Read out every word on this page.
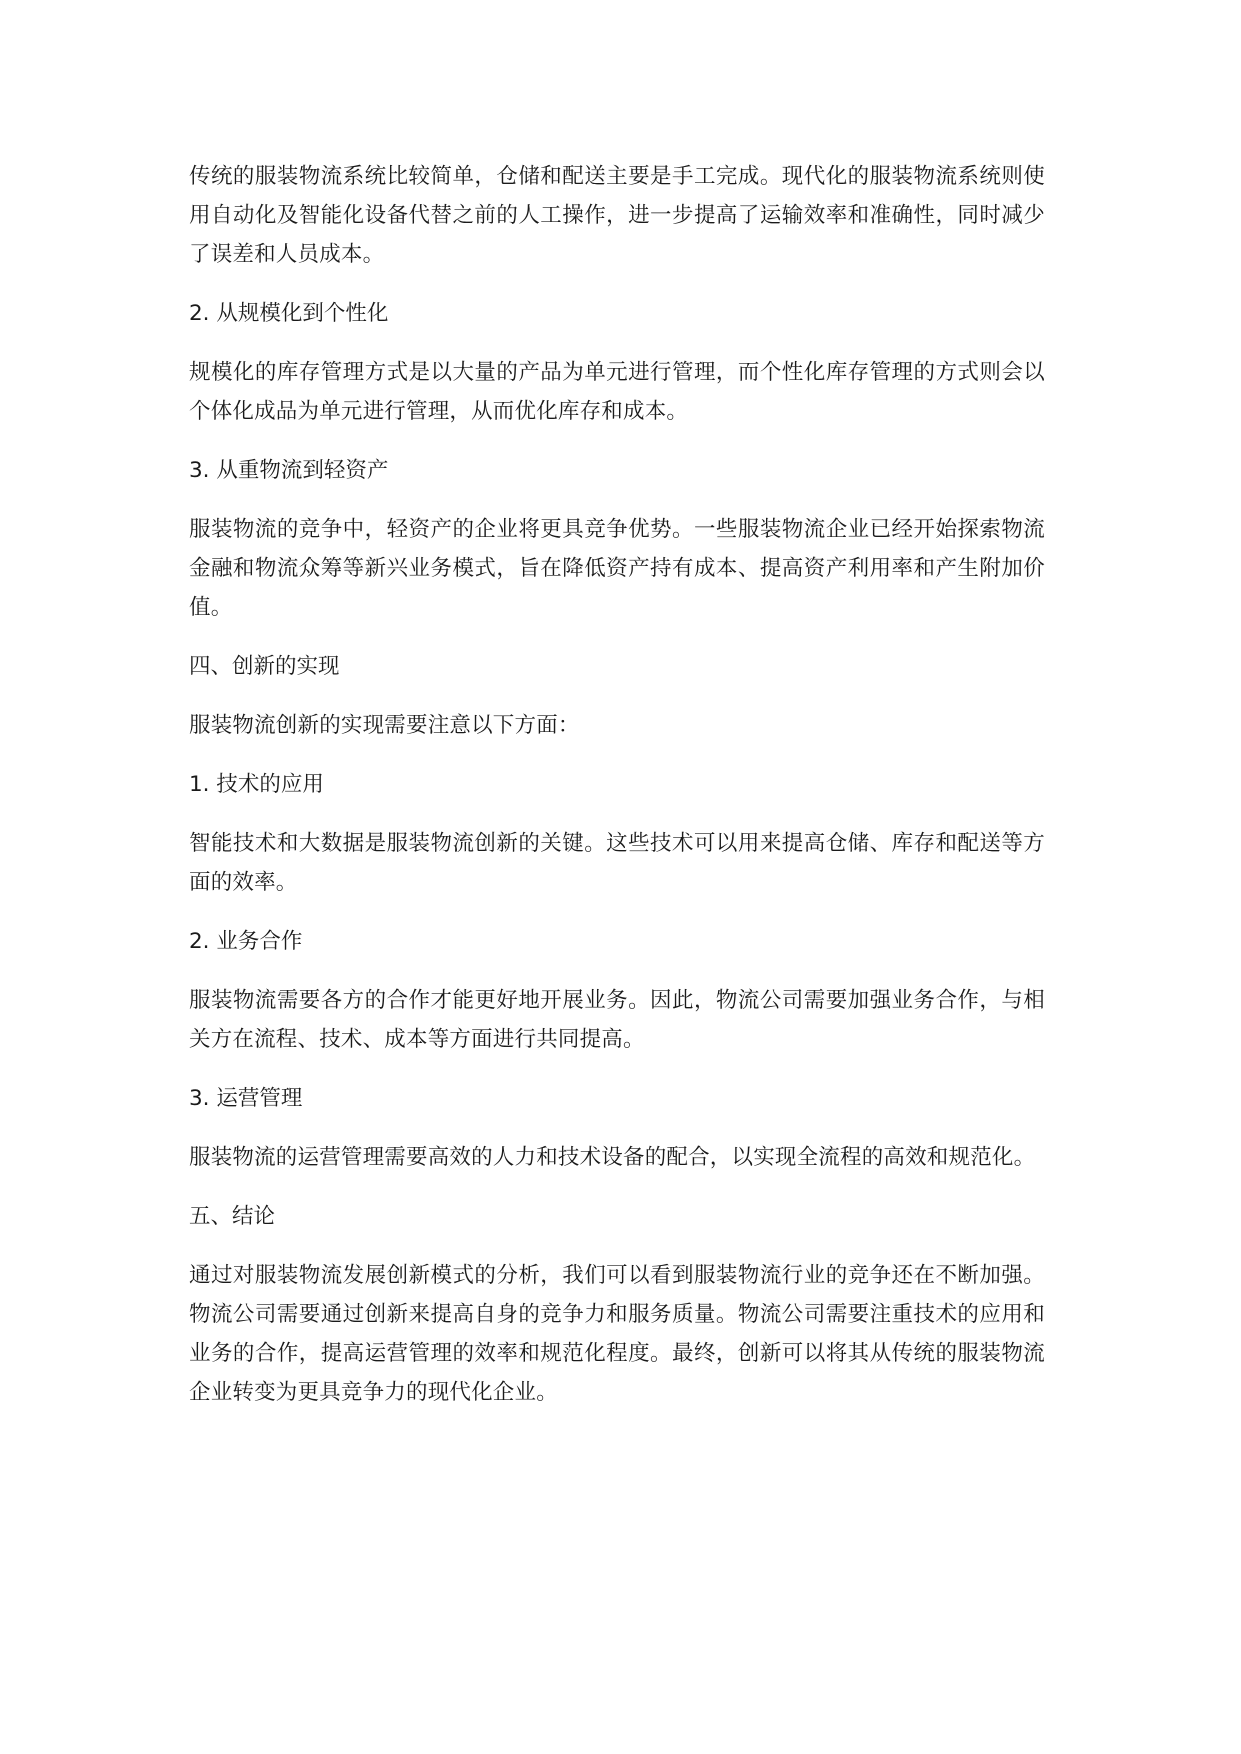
传统的服装物流系统比较简单，仓储和配送主要是手工完成。现代化的服装物流系统则使用自动化及智能化设备代替之前的人工操作，进一步提高了运输效率和准确性，同时减少了误差和人员成本。

2. 从规模化到个性化

规模化的库存管理方式是以大量的产品为单元进行管理，而个性化库存管理的方式则会以个体化成品为单元进行管理，从而优化库存和成本。

3. 从重物流到轻资产

服装物流的竞争中，轻资产的企业将更具竞争优势。一些服装物流企业已经开始探索物流金融和物流众筹等新兴业务模式，旨在降低资产持有成本、提高资产利用率和产生附加价值。

四、创新的实现

服装物流创新的实现需要注意以下方面：

1. 技术的应用

智能技术和大数据是服装物流创新的关键。这些技术可以用来提高仓储、库存和配送等方面的效率。

2. 业务合作

服装物流需要各方的合作才能更好地开展业务。因此，物流公司需要加强业务合作，与相关方在流程、技术、成本等方面进行共同提高。

3. 运营管理

服装物流的运营管理需要高效的人力和技术设备的配合，以实现全流程的高效和规范化。

五、结论

通过对服装物流发展创新模式的分析，我们可以看到服装物流行业的竞争还在不断加强。物流公司需要通过创新来提高自身的竞争力和服务质量。物流公司需要注重技术的应用和业务的合作，提高运营管理的效率和规范化程度。最终，创新可以将其从传统的服装物流企业转变为更具竞争力的现代化企业。
